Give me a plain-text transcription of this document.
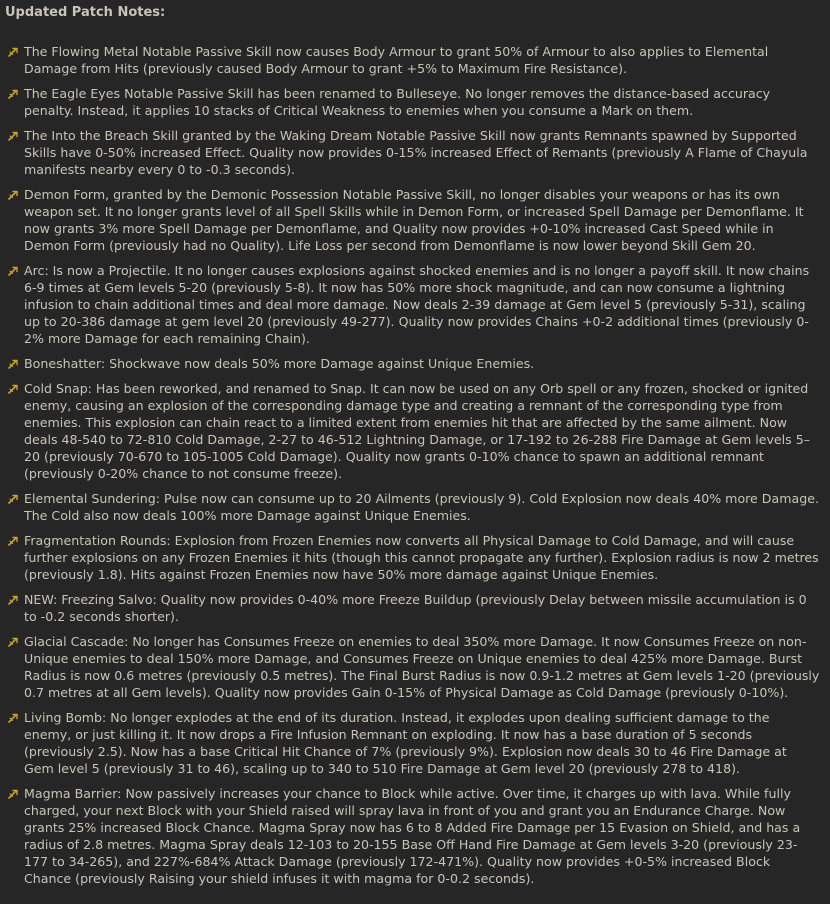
Updated Patch Notes:
The Flowing Metal Notable Passive Skill now causes Body Armour to grant 50% of Armour to also applies to Elemental Damage from Hits (previously caused Body Armour to grant +5% to Maximum Fire Resistance).
The Eagle Eyes Notable Passive Skill has been renamed to Bulleseye. No longer removes the distance-based accuracy penalty. Instead, it applies 10 stacks of Critical Weakness to enemies when you consume a Mark on them.
The Into the Breach Skill granted by the Waking Dream Notable Passive Skill now grants Remnants spawned by Supported Skills have 0-50% increased Effect. Quality now provides 0-15% increased Effect of Remants (previously A Flame of Chayula manifests nearby every 0 to -0.3 seconds).
Demon Form, granted by the Demonic Possession Notable Passive Skill, no longer disables your weapons or has its own weapon set. It no longer grants level of all Spell Skills while in Demon Form, or increased Spell Damage per Demonflame. It now grants 3% more Spell Damage per Demonflame, and Quality now provides +0-10% increased Cast Speed while in Demon Form (previously had no Quality). Life Loss per second from Demonflame is now lower beyond Skill Gem 20.
Arc: Is now a Projectile. It no longer causes explosions against shocked enemies and is no longer a payoff skill. It now chains 6-9 times at Gem levels 5-20 (previously 5-8). It now has 50% more shock magnitude, and can now consume a lightning infusion to chain additional times and deal more damage. Now deals 2-39 damage at Gem level 5 (previously 5-31), scaling up to 20-386 damage at gem level 20 (previously 49-277). Quality now provides Chains +0-2 additional times (previously 0- 2% more Damage for each remaining Chain).
Boneshatter: Shockwave now deals 50% more Damage against Unique Enemies.
Cold Snap: Has been reworked, and renamed to Snap. It can now be used on any Orb spell or any frozen, shocked or ignited enemy, causing an explosion of the corresponding damage type and creating a remnant of the corresponding type from enemies. This explosion can chain react to a limited extent from enemies hit that are affected by the same ailment. Now deals 48-540 to 72-810 Cold Damage, 2-27 to 46-512 Lightning Damage, or 17-192 to 26-288 Fire Damage at Gem levels 5–20 (previously 70-670 to 105-1005 Cold Damage). Quality now grants 0-10% chance to spawn an additional remnant (previously 0-20% chance to not consume freeze).
Elemental Sundering: Pulse now can consume up to 20 Ailments (previously 9). Cold Explosion now deals 40% more Damage. The Cold also now deals 100% more Damage against Unique Enemies.
Fragmentation Rounds: Explosion from Frozen Enemies now converts all Physical Damage to Cold Damage, and will cause further explosions on any Frozen Enemies it hits (though this cannot propagate any further). Explosion radius is now 2 metres (previously 1.8). Hits against Frozen Enemies now have 50% more damage against Unique Enemies.
NEW: Freezing Salvo: Quality now provides 0-40% more Freeze Buildup (previously Delay between missile accumulation is 0 to -0.2 seconds shorter).
Glacial Cascade: No longer has Consumes Freeze on enemies to deal 350% more Damage. It now Consumes Freeze on non-Unique enemies to deal 150% more Damage, and Consumes Freeze on Unique enemies to deal 425% more Damage. Burst Radius is now 0.6 metres (previously 0.5 metres). The Final Burst Radius is now 0.9-1.2 metres at Gem levels 1-20 (previously 0.7 metres at all Gem levels). Quality now provides Gain 0-15% of Physical Damage as Cold Damage (previously 0-10%).
Living Bomb: No longer explodes at the end of its duration. Instead, it explodes upon dealing sufficient damage to the enemy, or just killing it. It now drops a Fire Infusion Remnant on exploding. It now has a base duration of 5 seconds (previously 2.5). Now has a base Critical Hit Chance of 7% (previously 9%). Explosion now deals 30 to 46 Fire Damage at Gem level 5 (previously 31 to 46), scaling up to 340 to 510 Fire Damage at Gem level 20 (previously 278 to 418).
Magma Barrier: Now passively increases your chance to Block while active. Over time, it charges up with lava. While fully charged, your next Block with your Shield raised will spray lava in front of you and grant you an Endurance Charge. Now grants 25% increased Block Chance. Magma Spray now has 6 to 8 Added Fire Damage per 15 Evasion on Shield, and has a radius of 2.8 metres. Magma Spray deals 12-103 to 20-155 Base Off Hand Fire Damage at Gem levels 3-20 (previously 23-177 to 34-265), and 227%-684% Attack Damage (previously 172-471%). Quality now provides +0-5% increased Block Chance (previously Raising your shield infuses it with magma for 0-0.2 seconds).
